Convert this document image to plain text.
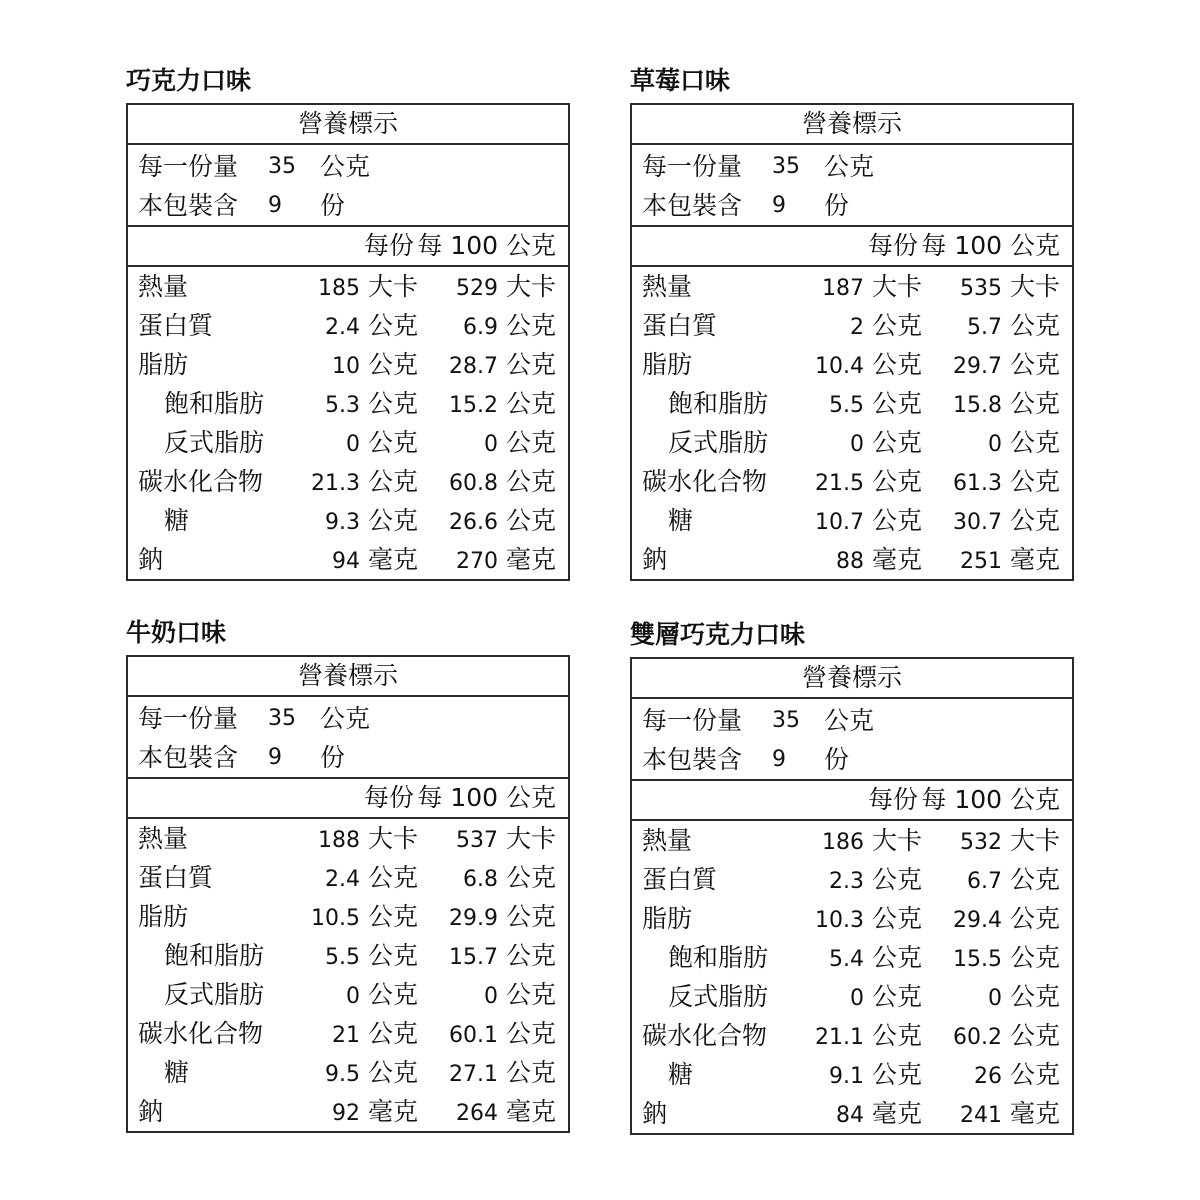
巧克力口味
營養標示
每一份量 35 公克
本包裝含 9 份
每份 每 100 公克
熱量	185 大卡 529 大卡
蛋白質	2.4 公克 6.9 公克
脂肪	10 公克 28.7 公克
飽和脂肪	5.3 公克 15.2 公克
反式脂肪	0 公克	0 公克
碳水化合物 21.3 公克 60.8 公克
糖	9.3 公克 26.6 公克
鈉	94 毫克 270 毫克
草莓口味
營養標示
每一份量 35 公克
本包裝含 9 份
每份 每 100 公克
熱量	187 大卡 535 大卡
蛋白質	2 公克 5.7 公克
脂肪	10.4 公克 29.7 公克
飽和脂肪	5.5 公克 15.8 公克
反式脂肪	0 公克	0 公克
碳水化合物 21.5 公克 61.3 公克
糖	10.7 公克 30.7 公克
鈉	88 毫克 251 毫克
牛奶口味
營養標示
每一份量 35 公克
本包裝含 9 份
每份 每 100 公克
熱量	188 大卡 537 大卡
蛋白質	2.4 公克 6.8 公克
脂肪	10.5 公克 29.9 公克
飽和脂肪	5.5 公克 15.7 公克
反式脂肪	0 公克	0 公克
碳水化合物	21 公克 60.1 公克
糖	9.5 公克 27.1 公克
鈉	92 毫克 264 毫克
雙層巧克力口味
營養標示
每一份量 35 公克
本包裝含 9 份
每份 每 100 公克
熱量	186 大卡 532 大卡
蛋白質	2.3 公克 6.7 公克
脂肪	10.3 公克 29.4 公克
飽和脂肪	5.4 公克 15.5 公克
反式脂肪	0 公克	0 公克
碳水化合物 21.1 公克 60.2 公克
糖	9.1 公克 26 公克
鈉	84 毫克 241 毫克
